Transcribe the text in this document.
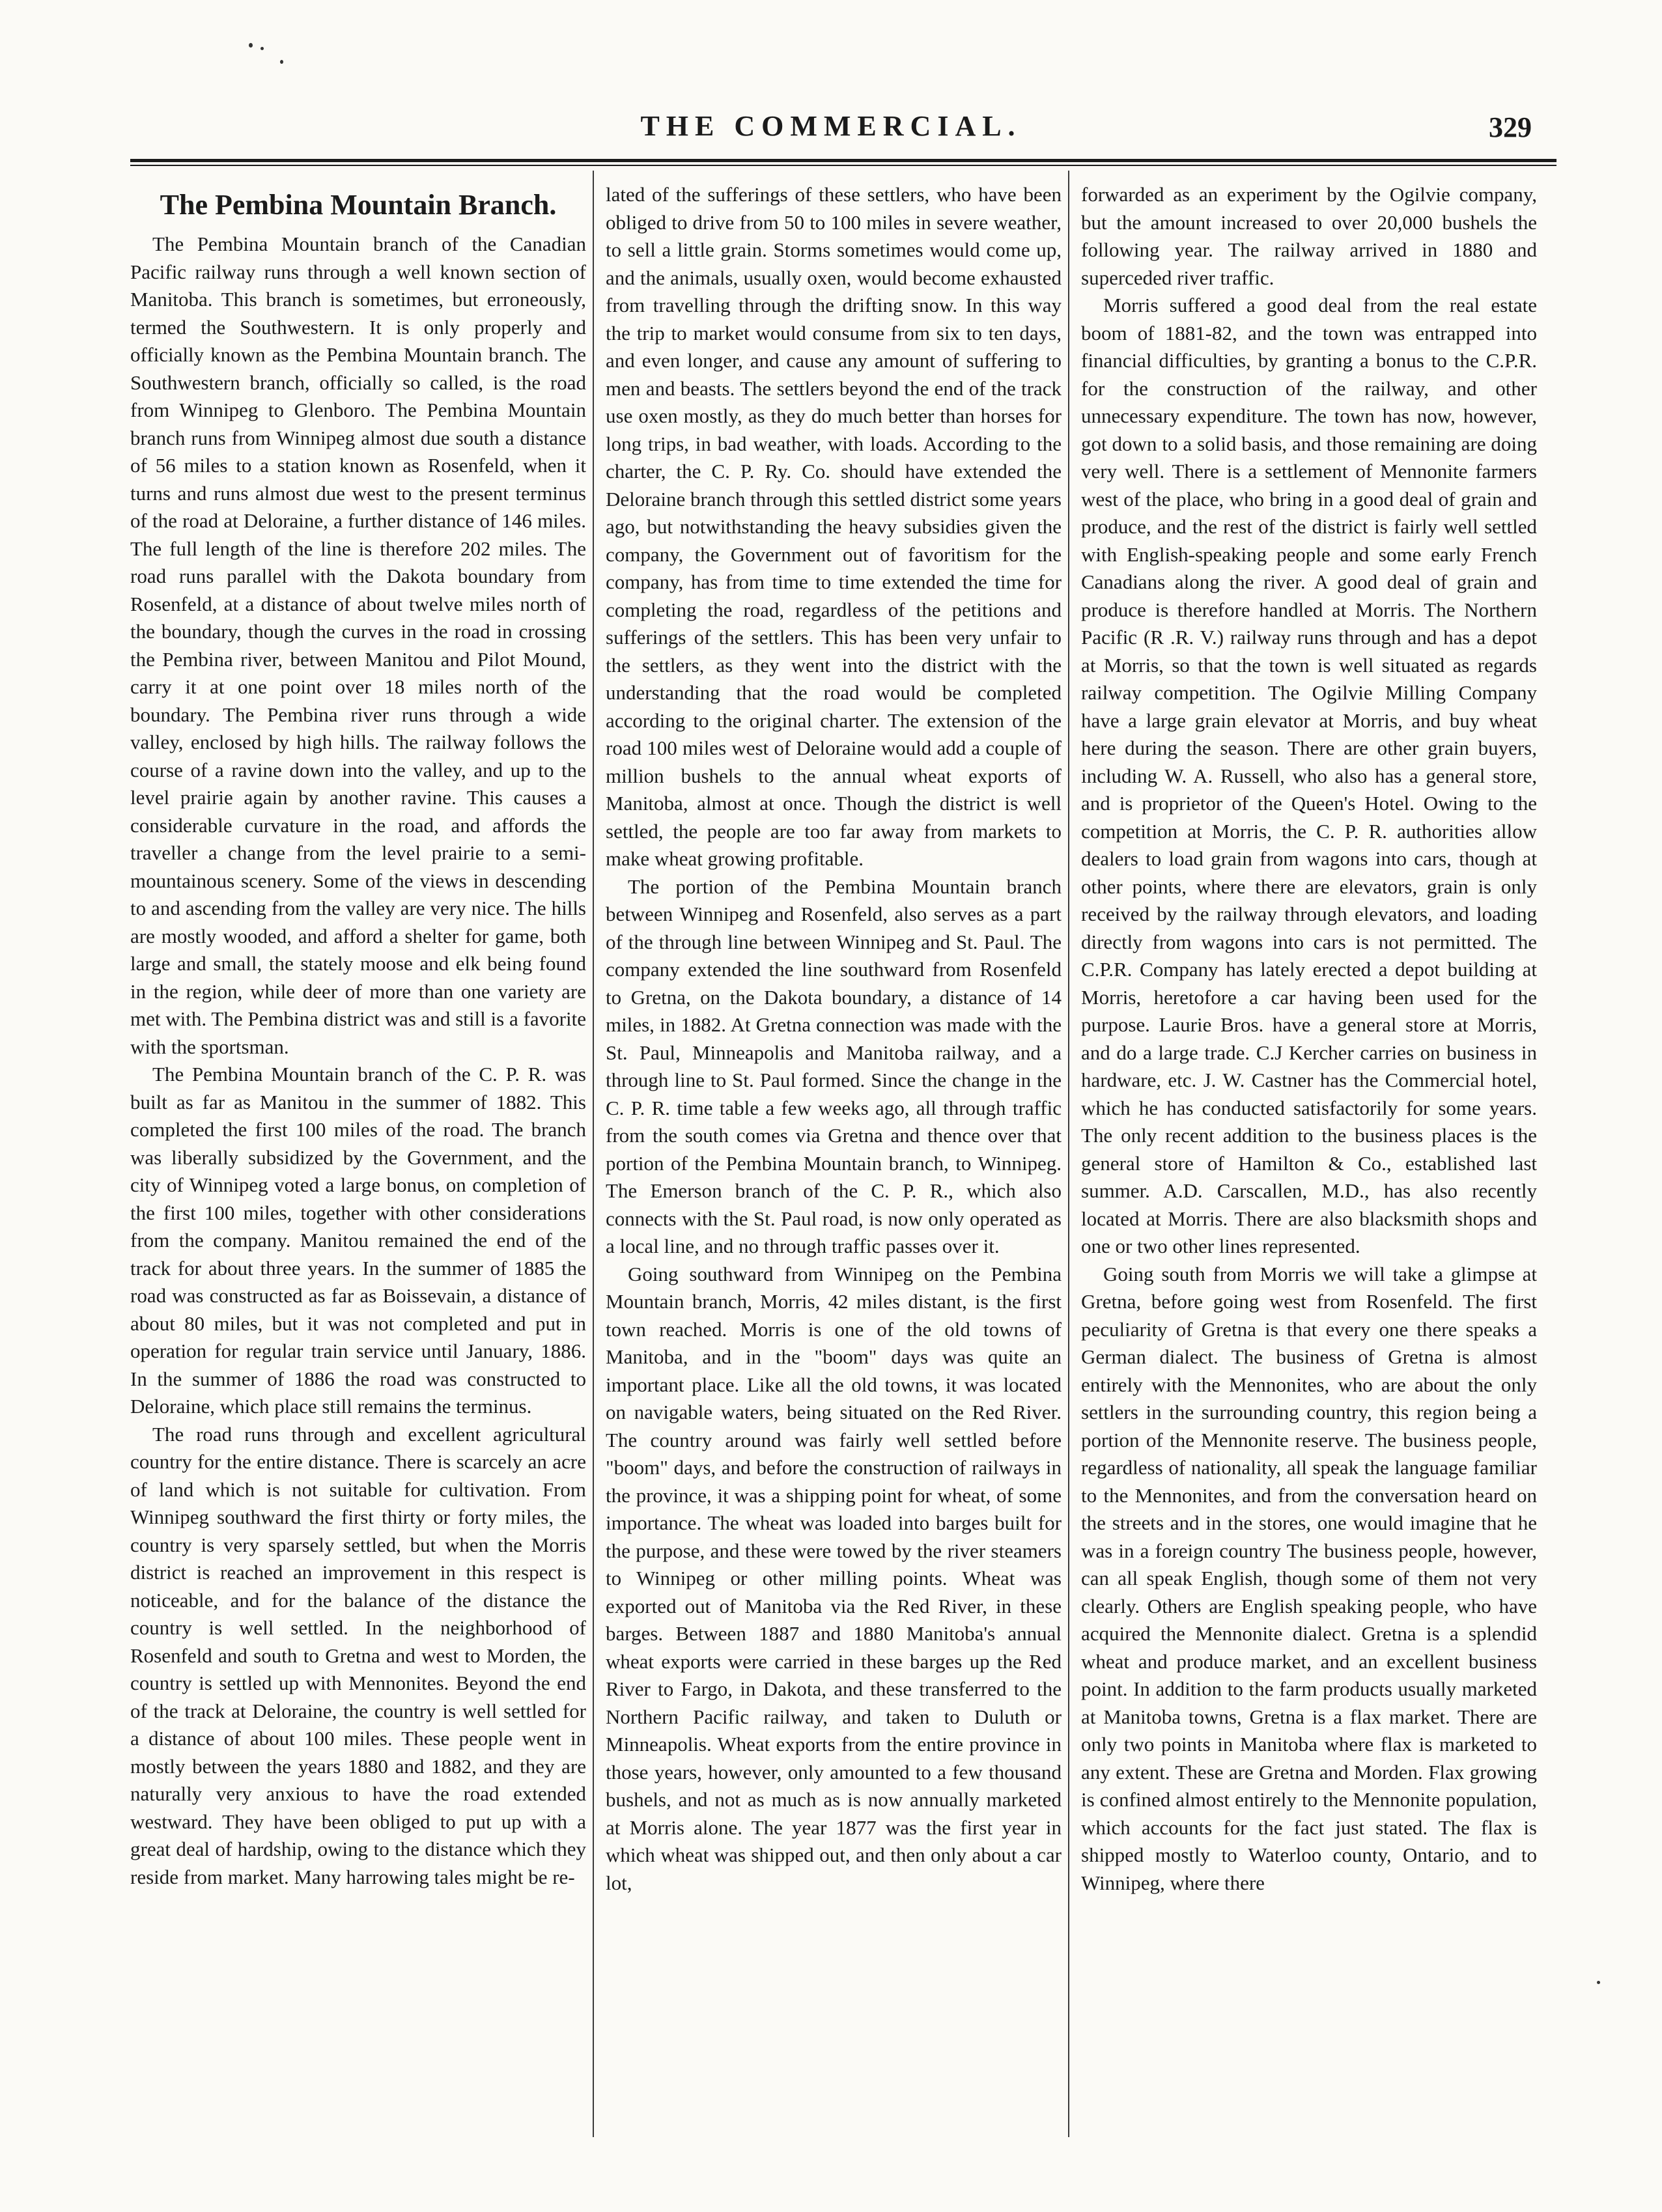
THE COMMERCIAL.	329
The Pembina Mountain Branch.

The Pembina Mountain branch of the Canadian Pacific railway runs through a well known section of Manitoba. This branch is sometimes, but erroneously, termed the Southwestern. It is only properly and officially known as the Pembina Mountain branch. The Southwestern branch, officially so called, is the road from Winnipeg to Glenboro. The Pembina Mountain branch runs from Winnipeg almost due south a distance of 56 miles to a station known as Rosenfeld, when it turns and runs almost due west to the present terminus of the road at Deloraine, a further distance of 146 miles. The full length of the line is therefore 202 miles. The road runs parallel with the Dakota boundary from Rosenfeld, at a distance of about twelve miles north of the boundary, though the curves in the road in crossing the Pembina river, between Manitou and Pilot Mound, carry it at one point over 18 miles north of the boundary. The Pembina river runs through a wide valley, enclosed by high hills. The railway follows the course of a ravine down into the valley, and up to the level prairie again by another ravine. This causes a considerable curvature in the road, and affords the traveller a change from the level prairie to a semi-mountainous scenery. Some of the views in descending to and ascending from the valley are very nice. The hills are mostly wooded, and afford a shelter for game, both large and small, the stately moose and elk being found in the region, while deer of more than one variety are met with. The Pembina district was and still is a favorite with the sportsman.

The Pembina Mountain branch of the C. P. R. was built as far as Manitou in the summer of 1882. This completed the first 100 miles of the road. The branch was liberally subsidized by the Government, and the city of Winnipeg voted a large bonus, on completion of the first 100 miles, together with other considerations from the company. Manitou remained the end of the track for about three years. In the summer of 1885 the road was constructed as far as Boissevain, a distance of about 80 miles, but it was not completed and put in operation for regular train service until January, 1886. In the summer of 1886 the road was constructed to Deloraine, which place still remains the terminus.

The road runs through and excellent agricultural country for the entire distance. There is scarcely an acre of land which is not suitable for cultivation. From Winnipeg southward the first thirty or forty miles, the country is very sparsely settled, but when the Morris district is reached an improvement in this respect is noticeable, and for the balance of the distance the country is well settled. In the neighborhood of Rosenfeld and south to Gretna and west to Morden, the country is settled up with Mennonites. Beyond the end of the track at Deloraine, the country is well settled for a distance of about 100 miles. These people went in mostly between the years 1880 and 1882, and they are naturally very anxious to have the road extended westward. They have been obliged to put up with a great deal of hardship, owing to the distance which they reside from market. Many harrowing tales might be re-

lated of the sufferings of these settlers, who have been obliged to drive from 50 to 100 miles in severe weather, to sell a little grain. Storms sometimes would come up, and the animals, usually oxen, would become exhausted from travelling through the drifting snow. In this way the trip to market would consume from six to ten days, and even longer, and cause any amount of suffering to men and beasts. The settlers beyond the end of the track use oxen mostly, as they do much better than horses for long trips, in bad weather, with loads. According to the charter, the C. P. Ry. Co. should have extended the Deloraine branch through this settled district some years ago, but notwithstanding the heavy subsidies given the company, the Government out of favoritism for the company, has from time to time extended the time for completing the road, regardless of the petitions and sufferings of the settlers. This has been very unfair to the settlers, as they went into the district with the understanding that the road would be completed according to the original charter. The extension of the road 100 miles west of Deloraine would add a couple of million bushels to the annual wheat exports of Manitoba, almost at once. Though the district is well settled, the people are too far away from markets to make wheat growing profitable.

The portion of the Pembina Mountain branch between Winnipeg and Rosenfeld, also serves as a part of the through line between Winnipeg and St. Paul. The company extended the line southward from Rosenfeld to Gretna, on the Dakota boundary, a distance of 14 miles, in 1882. At Gretna connection was made with the St. Paul, Minneapolis and Manitoba railway, and a through line to St. Paul formed. Since the change in the C. P. R. time table a few weeks ago, all through traffic from the south comes via Gretna and thence over that portion of the Pembina Mountain branch, to Winnipeg. The Emerson branch of the C. P. R., which also connects with the St. Paul road, is now only operated as a local line, and no through traffic passes over it.

Going southward from Winnipeg on the Pembina Mountain branch, Morris, 42 miles distant, is the first town reached. Morris is one of the old towns of Manitoba, and in the "boom" days was quite an important place. Like all the old towns, it was located on navigable waters, being situated on the Red River. The country around was fairly well settled before "boom" days, and before the construction of railways in the province, it was a shipping point for wheat, of some importance. The wheat was loaded into barges built for the purpose, and these were towed by the river steamers to Winnipeg or other milling points. Wheat was exported out of Manitoba via the Red River, in these barges. Between 1887 and 1880 Manitoba's annual wheat exports were carried in these barges up the Red River to Fargo, in Dakota, and these transferred to the Northern Pacific railway, and taken to Duluth or Minneapolis. Wheat exports from the entire province in those years, however, only amounted to a few thousand bushels, and not as much as is now annually marketed at Morris alone. The year 1877 was the first year in which wheat was shipped out, and then only about a car lot,

forwarded as an experiment by the Ogilvie company, but the amount increased to over 20,000 bushels the following year. The railway arrived in 1880 and superceded river traffic.

Morris suffered a good deal from the real estate boom of 1881-82, and the town was entrapped into financial difficulties, by granting a bonus to the C.P.R. for the construction of the railway, and other unnecessary expenditure. The town has now, however, got down to a solid basis, and those remaining are doing very well. There is a settlement of Mennonite farmers west of the place, who bring in a good deal of grain and produce, and the rest of the district is fairly well settled with English-speaking people and some early French Canadians along the river. A good deal of grain and produce is therefore handled at Morris. The Northern Pacific (R .R. V.) railway runs through and has a depot at Morris, so that the town is well situated as regards railway competition. The Ogilvie Milling Company have a large grain elevator at Morris, and buy wheat here during the season. There are other grain buyers, including W. A. Russell, who also has a general store, and is proprietor of the Queen's Hotel. Owing to the competition at Morris, the C. P. R. authorities allow dealers to load grain from wagons into cars, though at other points, where there are elevators, grain is only received by the railway through elevators, and loading directly from wagons into cars is not permitted. The C.P.R. Company has lately erected a depot building at Morris, heretofore a car having been used for the purpose. Laurie Bros. have a general store at Morris, and do a large trade. C.J Kercher carries on business in hardware, etc. J. W. Castner has the Commercial hotel, which he has conducted satisfactorily for some years. The only recent addition to the business places is the general store of Hamilton & Co., established last summer. A.D. Carscallen, M.D., has also recently located at Morris. There are also blacksmith shops and one or two other lines represented.

Going south from Morris we will take a glimpse at Gretna, before going west from Rosenfeld. The first peculiarity of Gretna is that every one there speaks a German dialect. The business of Gretna is almost entirely with the Mennonites, who are about the only settlers in the surrounding country, this region being a portion of the Mennonite reserve. The business people, regardless of nationality, all speak the language familiar to the Mennonites, and from the conversation heard on the streets and in the stores, one would imagine that he was in a foreign country The business people, however, can all speak English, though some of them not very clearly. Others are English speaking people, who have acquired the Mennonite dialect. Gretna is a splendid wheat and produce market, and an excellent business point. In addition to the farm products usually marketed at Manitoba towns, Gretna is a flax market. There are only two points in Manitoba where flax is marketed to any extent. These are Gretna and Morden. Flax growing is confined almost entirely to the Mennonite population, which accounts for the fact just stated. The flax is shipped mostly to Waterloo county, Ontario, and to Winnipeg, where there
